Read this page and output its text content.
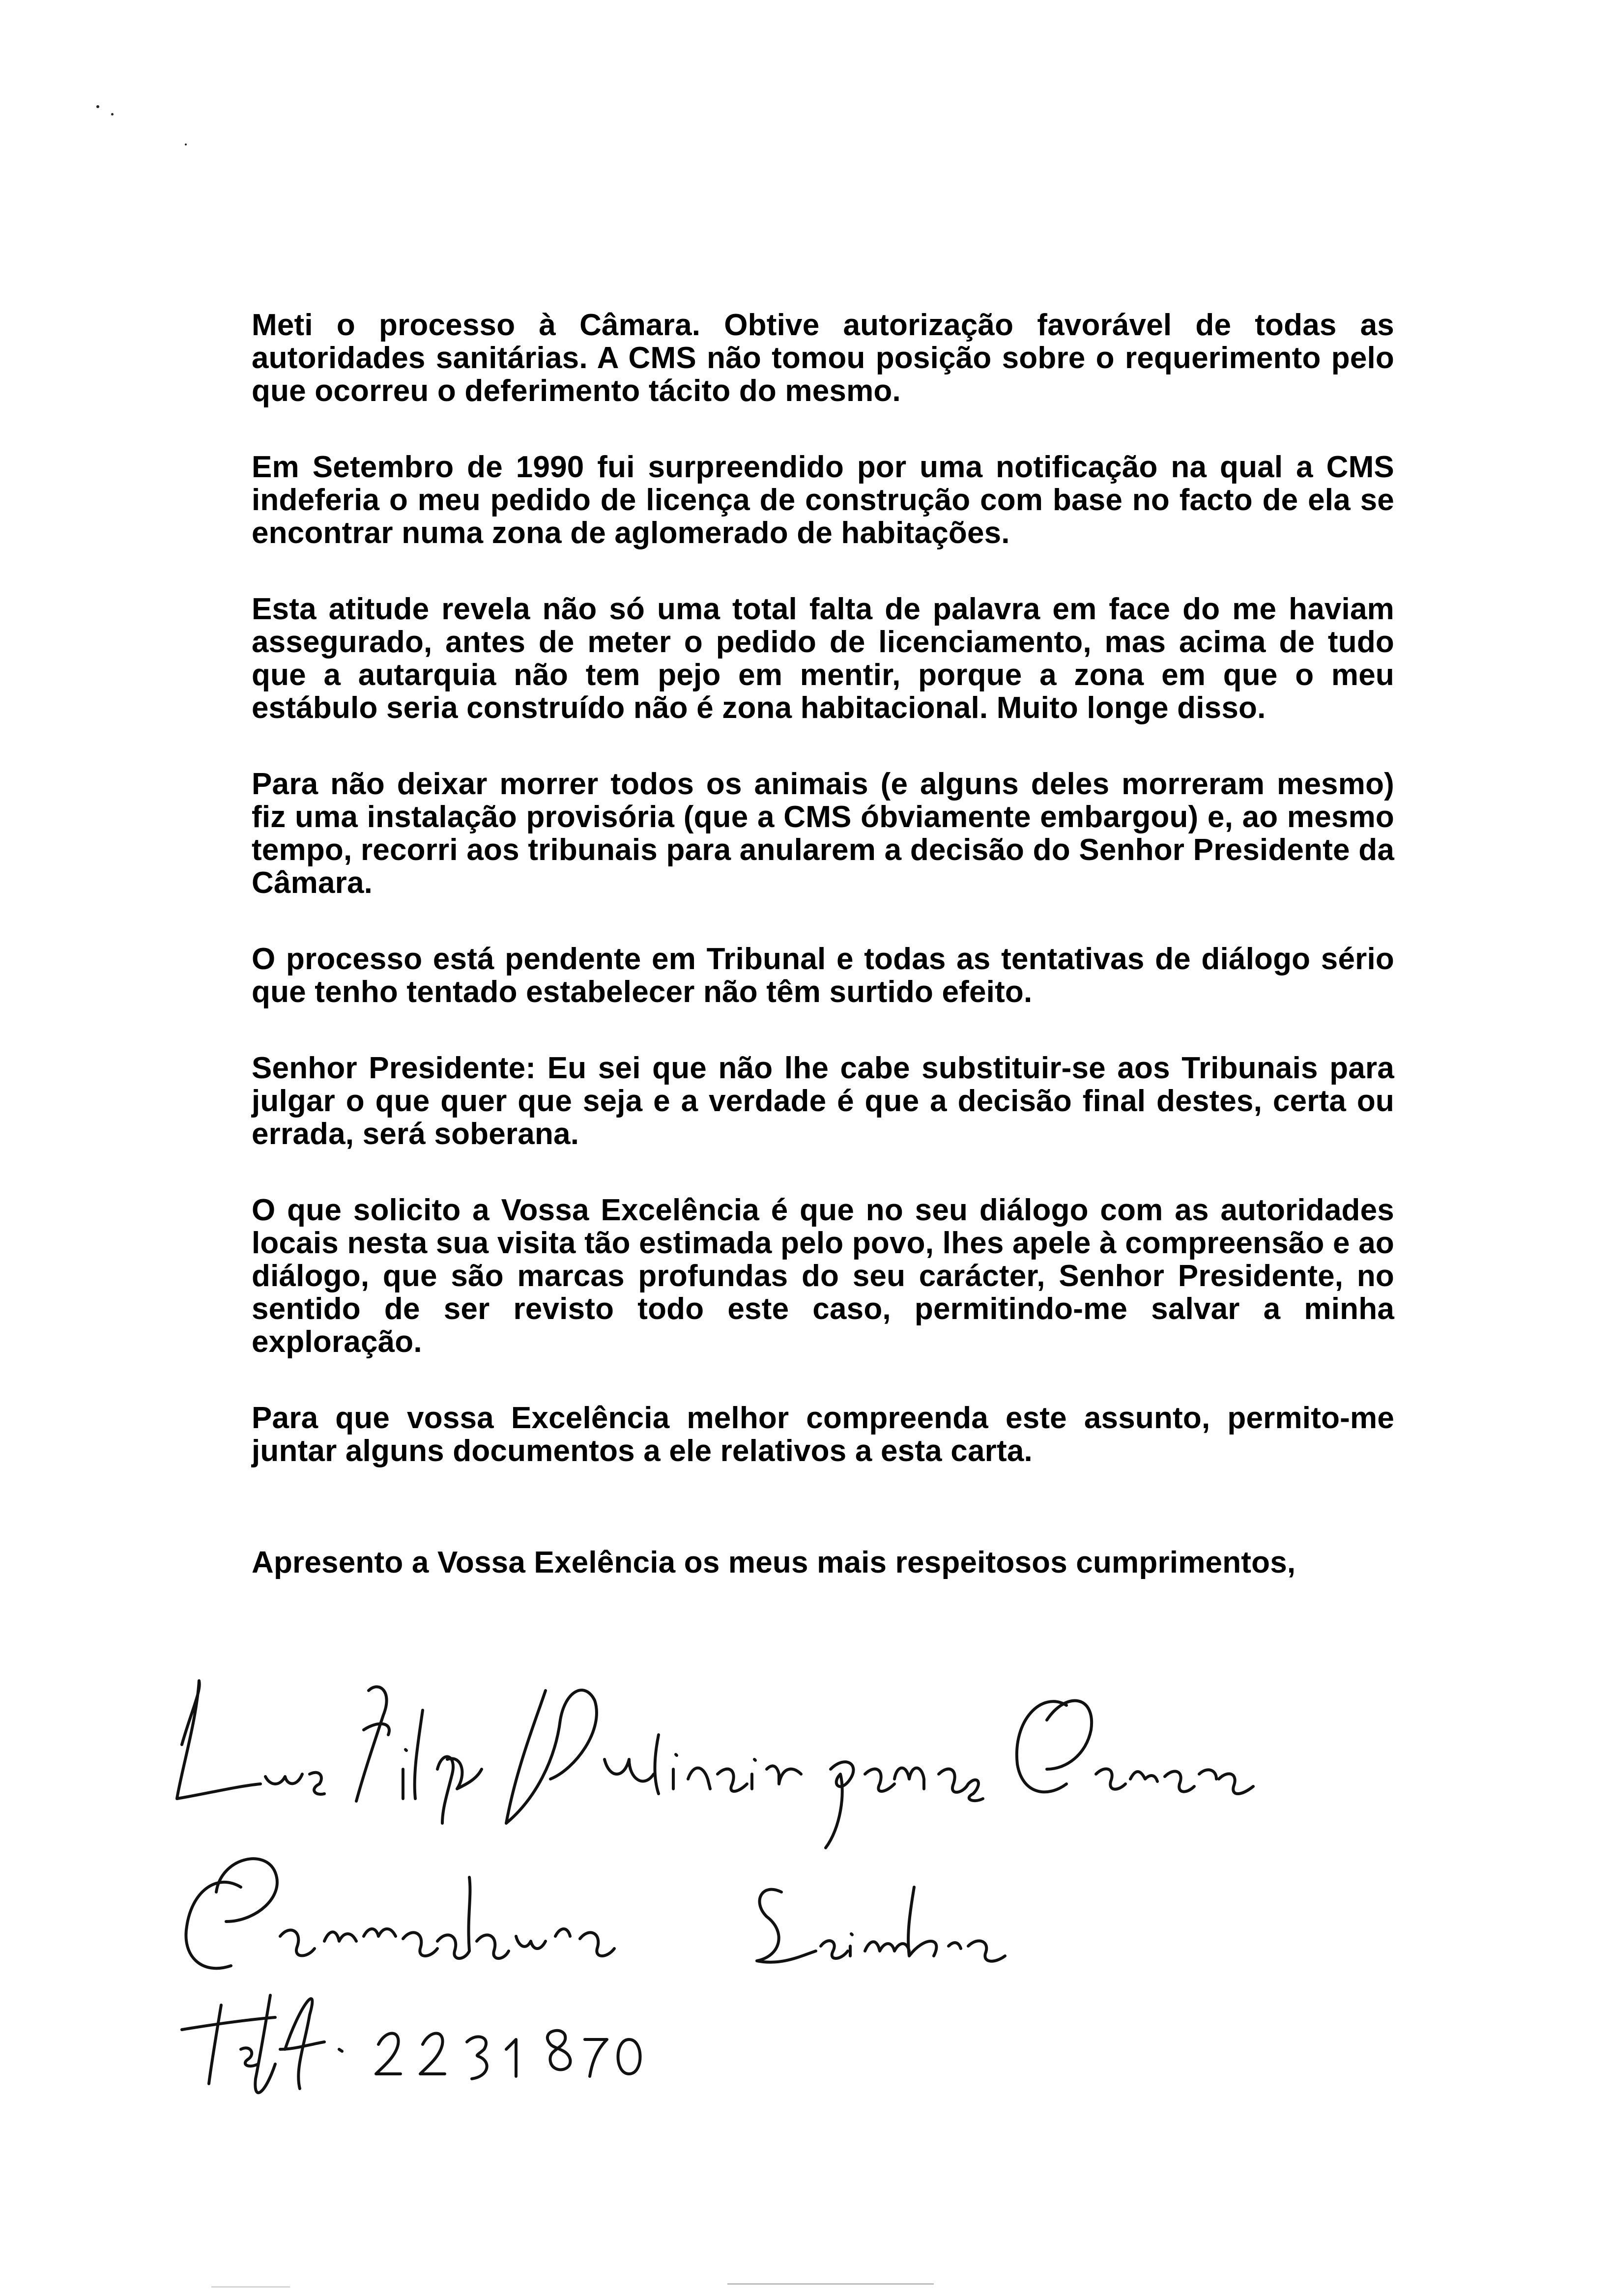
Meti o processo à Câmara. Obtive autorização favorável de todas as autoridades sanitárias. A CMS não tomou posição sobre o requerimento pelo que ocorreu o deferimento tácito do mesmo.

Em Setembro de 1990 fui surpreendido por uma notificação na qual a CMS indeferia o meu pedido de licença de construção com base no facto de ela se encontrar numa zona de aglomerado de habitações.

Esta atitude revela não só uma total falta de palavra em face do me haviam assegurado, antes de meter o pedido de licenciamento, mas acima de tudo que a autarquia não tem pejo em mentir, porque a zona em que o meu estábulo seria construído não é zona habitacional. Muito longe disso.

Para não deixar morrer todos os animais (e alguns deles morreram mesmo) fiz uma instalação provisória (que a CMS óbviamente embargou) e, ao mesmo tempo, recorri aos tribunais para anularem a decisão do Senhor Presidente da Câmara.

O processo está pendente em Tribunal e todas as tentativas de diálogo sério que tenho tentado estabelecer não têm surtido efeito.

Senhor Presidente: Eu sei que não lhe cabe substituir-se aos Tribunais para julgar o que quer que seja e a verdade é que a decisão final destes, certa ou errada, será soberana.

O que solicito a Vossa Excelência é que no seu diálogo com as autoridades locais nesta sua visita tão estimada pelo povo, lhes apele à compreensão e ao diálogo, que são marcas profundas do seu carácter, Senhor Presidente, no sentido de ser revisto todo este caso, permitindo-me salvar a minha exploração.

Para que vossa Excelência melhor compreenda este assunto, permito-me juntar alguns documentos a ele relativos a esta carta.

Apresento a Vossa Exelência os meus mais respeitosos cumprimentos,
